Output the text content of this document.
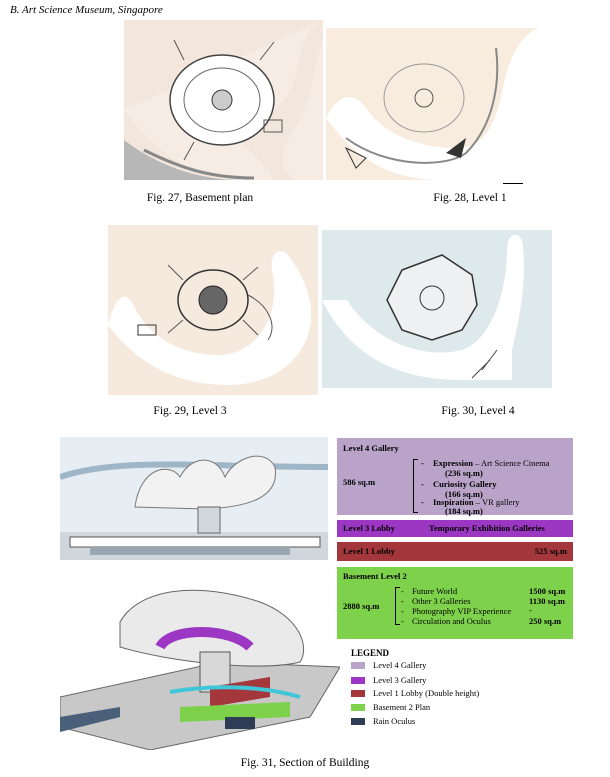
B. Art Science Museum, Singapore
Fig. 27, Basement plan	Fig. 28, Level 1
Fig. 29, Level 3	Fig. 30, Level 4
Level 4 Gallery
586 sq.m
- Expression – Art Science Cinema
(236 sq.m)
- Curiosity Gallery
(166 sq.m)
- Inspiration – VR gallery
(184 sq.m)
Level 3 Lobby	Temporary Exhibition Galleries
Level 1 Lobby	525 sq.m
Basement Level 2
2880 sq.m
- Future World	1500 sq.m
- Other 3 Galleries	1130 sq.m
- Photography VIP Experience -
- Circulation and Oculus	250 sq.m
LEGEND
Level 4 Gallery
Level 3 Gallery
Level 1 Lobby (Double height)
Basement 2 Plan
Rain Oculus
Fig. 31, Section of Building
